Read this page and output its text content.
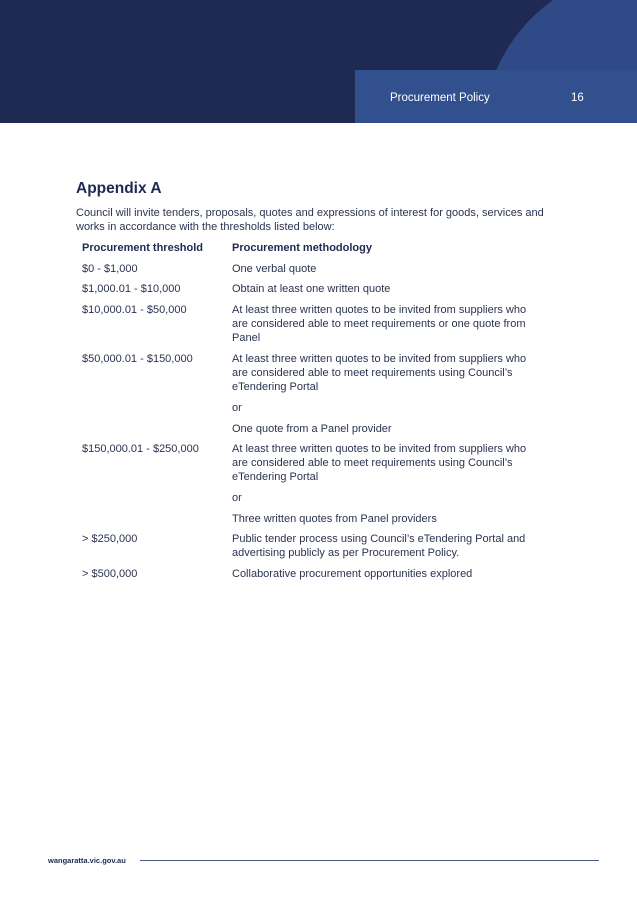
Procurement Policy	16
Appendix A

Council will invite tenders, proposals, quotes and expressions of interest for goods, services and works in accordance with the thresholds listed below:

Procurement threshold	Procurement methodology
$0 - $1,000	One verbal quote

$1,000.01 - $10,000	Obtain at least one written quote

$10,000.01 - $50,000	At least three written quotes to be invited from suppliers who are considered able to meet requirements or one quote from Panel

$50,000.01 - $150,000	At least three written quotes to be invited from suppliers who are considered able to meet requirements using Council’s eTendering Portal

or

One quote from a Panel provider

$150,000.01 - $250,000	At least three written quotes to be invited from suppliers who are considered able to meet requirements using Council’s eTendering Portal

or

Three written quotes from Panel providers

> $250,000	Public tender process using Council’s eTendering Portal and advertising publicly as per Procurement Policy.

> $500,000	Collaborative procurement opportunities explored

wangaratta.vic.gov.au
